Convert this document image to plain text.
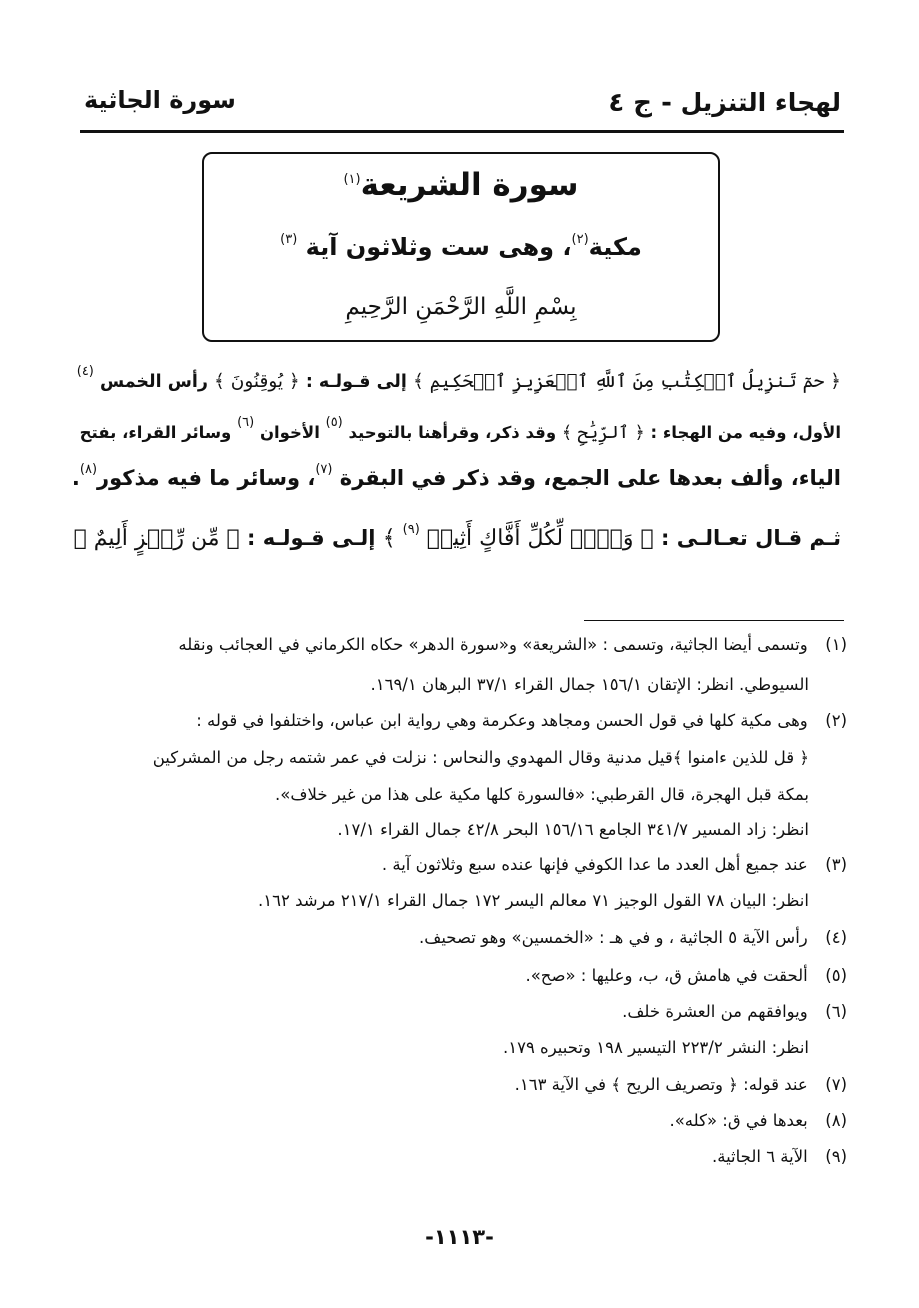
لهجاء التنزيل - ج ٤
سورة الجاثية
سورة الشريعة$^{(١)}$
مكية$^{(٢)}$، وهى ست وثلاثون آية $^{(٣)}$
بِسْمِ اللَّهِ الرَّحْمَنِ الرَّحِيمِ
﴿ حمٓ تَنزِيلُ ٱلۡكِتَٰبِ مِنَ ٱللَّهِ ٱلۡعَزِيزِ ٱلۡحَكِيمِ ﴾ إلى قـولـه : ﴿ يُوقِنُونَ ﴾ رأس الخمس $^{(٤)}$
الأول، وفيه من الهجاء : ﴿ ٱلرِّيَٰحِ ﴾ وقد ذكر، وقرأهنا بالتوحيد $^{(٥)}$ الأخوان $^{(٦)}$ وسائر القراء، بفتح
الياء، وألف بعدها على الجمع، وقد ذكر في البقرة $^{(٧)}$، وسائر ما فيه مذكور$^{(٨)}$.
ثـم قـال تعـالـى : ﴿ وَيۡلٞ لِّكُلِّ أَفَّاكٍ أَثِيمٖ $^{(٩)}$ ﴾ إلـى قـولـه : ﴿ مِّن رِّجۡزٍ أَلِيمٌ ﴾
(١) وتسمى أيضا الجاثية، وتسمى : «الشريعة» و«سورة الدهر» حكاه الكرماني في العجائب ونقله
السيوطي. انظر: الإتقان ١٥٦/١ جمال القراء ٣٧/١ البرهان ١٦٩/١.
(٢) وهى مكية كلها في قول الحسن ومجاهد وعكرمة وهي رواية ابن عباس، واختلفوا في قوله :
﴿ قل للذين ءامنوا ﴾قيل مدنية وقال المهدوي والنحاس : نزلت في عمر شتمه رجل من المشركين
بمكة قبل الهجرة، قال القرطبي: «فالسورة كلها مكية على هذا من غير خلاف».
انظر: زاد المسير ٣٤١/٧ الجامع ١٥٦/١٦ البحر ٤٢/٨ جمال القراء ١٧/١.
(٣) عند جميع أهل العدد ما عدا الكوفي فإنها عنده سبع وثلاثون آية .
انظر: البيان ٧٨ القول الوجيز ٧١ معالم اليسر ١٧٢ جمال القراء ٢١٧/١ مرشد ١٦٢.
(٤) رأس الآية ٥ الجاثية ، و في هـ : «الخمسين» وهو تصحيف.
(٥) ألحقت في هامش ق، ب، وعليها : «صح».
(٦) ويوافقهم من العشرة خلف.
انظر: النشر ٢٢٣/٢ التيسير ١٩٨ وتحبيره ١٧٩.
(٧) عند قوله: ﴿ وتصريف الريح ﴾ في الآية ١٦٣.
(٨) بعدها في ق: «كله».
(٩) الآية ٦ الجاثية.
-١١١٣-
